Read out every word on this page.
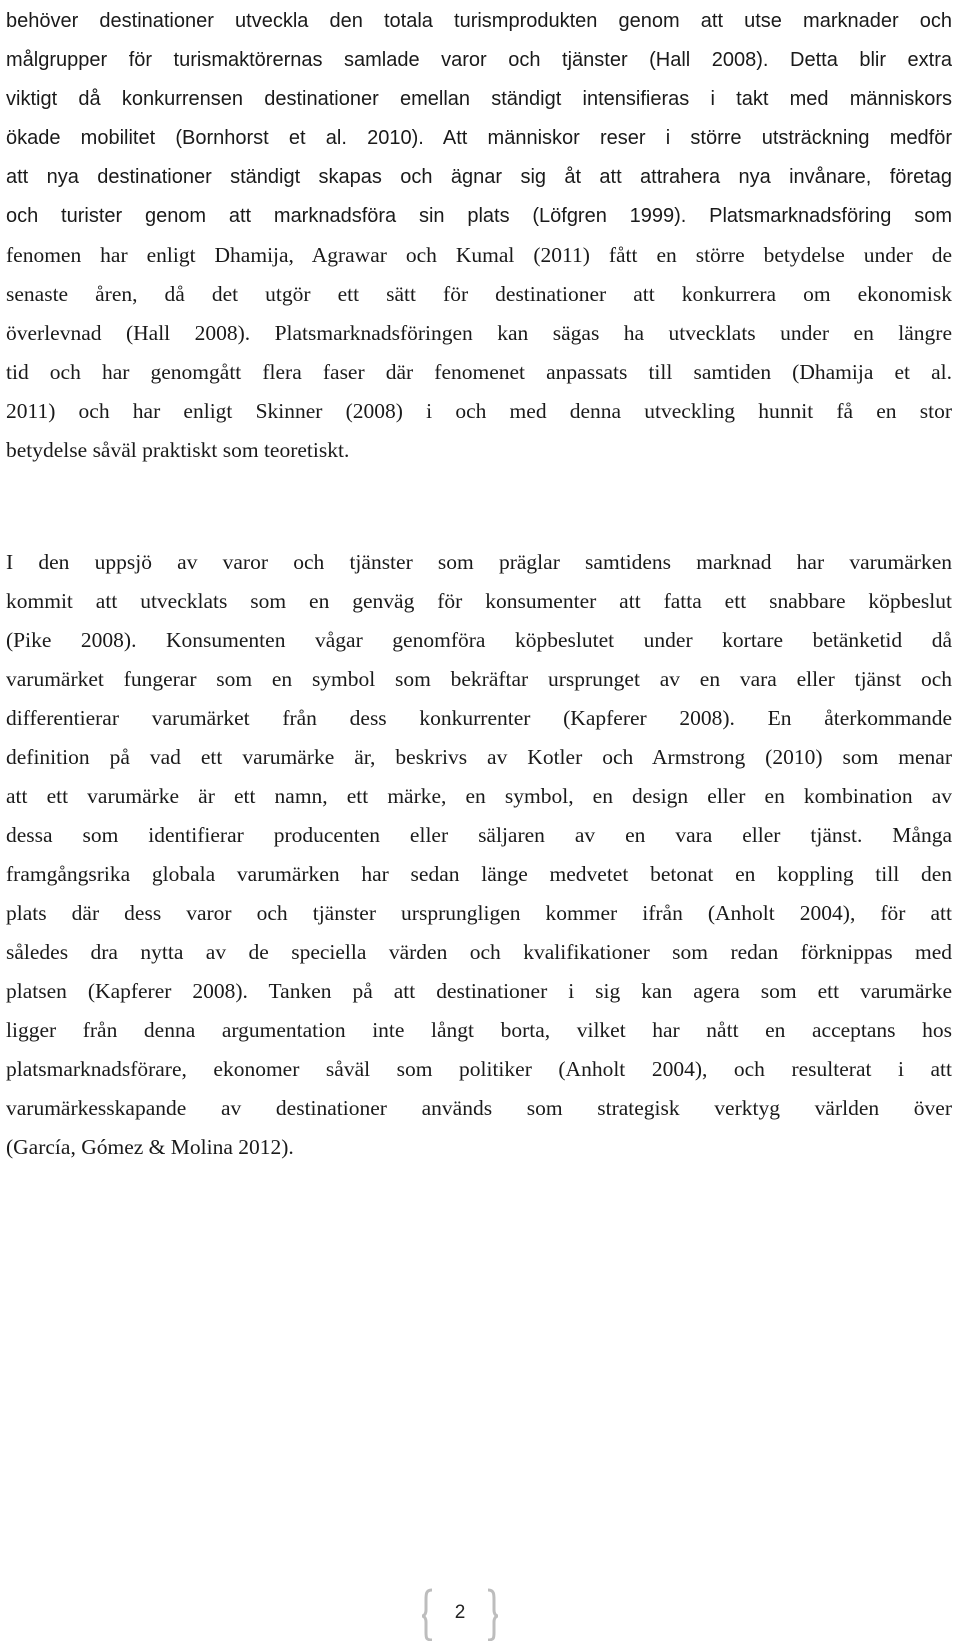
behöver destinationer utveckla den totala turismprodukten genom att utse marknader och
målgrupper för turismaktörernas samlade varor och tjänster (Hall 2008). Detta blir extra
viktigt då konkurrensen destinationer emellan ständigt intensifieras i takt med människors
ökade mobilitet (Bornhorst et al. 2010). Att människor reser i större utsträckning medför
att nya destinationer ständigt skapas och ägnar sig åt att attrahera nya invånare, företag
och turister genom att marknadsföra sin plats (Löfgren 1999). Platsmarknadsföring som
fenomen har enligt Dhamija, Agrawar och Kumal (2011) fått en större betydelse under de
senaste åren, då det utgör ett sätt för destinationer att konkurrera om ekonomisk
överlevnad (Hall 2008). Platsmarknadsföringen kan sägas ha utvecklats under en längre
tid och har genomgått flera faser där fenomenet anpassats till samtiden (Dhamija et al.
2011) och har enligt Skinner (2008) i och med denna utveckling hunnit få en stor
betydelse såväl praktiskt som teoretiskt.

I den uppsjö av varor och tjänster som präglar samtidens marknad har varumärken
kommit att utvecklats som en genväg för konsumenter att fatta ett snabbare köpbeslut
(Pike 2008). Konsumenten vågar genomföra köpbeslutet under kortare betänketid då
varumärket fungerar som en symbol som bekräftar ursprunget av en vara eller tjänst och
differentierar varumärket från dess konkurrenter (Kapferer 2008). En återkommande
definition på vad ett varumärke är, beskrivs av Kotler och Armstrong (2010) som menar
att ett varumärke är ett namn, ett märke, en symbol, en design eller en kombination av
dessa som identifierar producenten eller säljaren av en vara eller tjänst. Många
framgångsrika globala varumärken har sedan länge medvetet betonat en koppling till den
plats där dess varor och tjänster ursprungligen kommer ifrån (Anholt 2004), för att
således dra nytta av de speciella värden och kvalifikationer som redan förknippas med
platsen (Kapferer 2008). Tanken på att destinationer i sig kan agera som ett varumärke
ligger från denna argumentation inte långt borta, vilket har nått en acceptans hos
platsmarknadsförare, ekonomer såväl som politiker (Anholt 2004), och resulterat i att
varumärkesskapande av destinationer används som strategisk verktyg världen över
(García, Gómez & Molina 2012).

2
